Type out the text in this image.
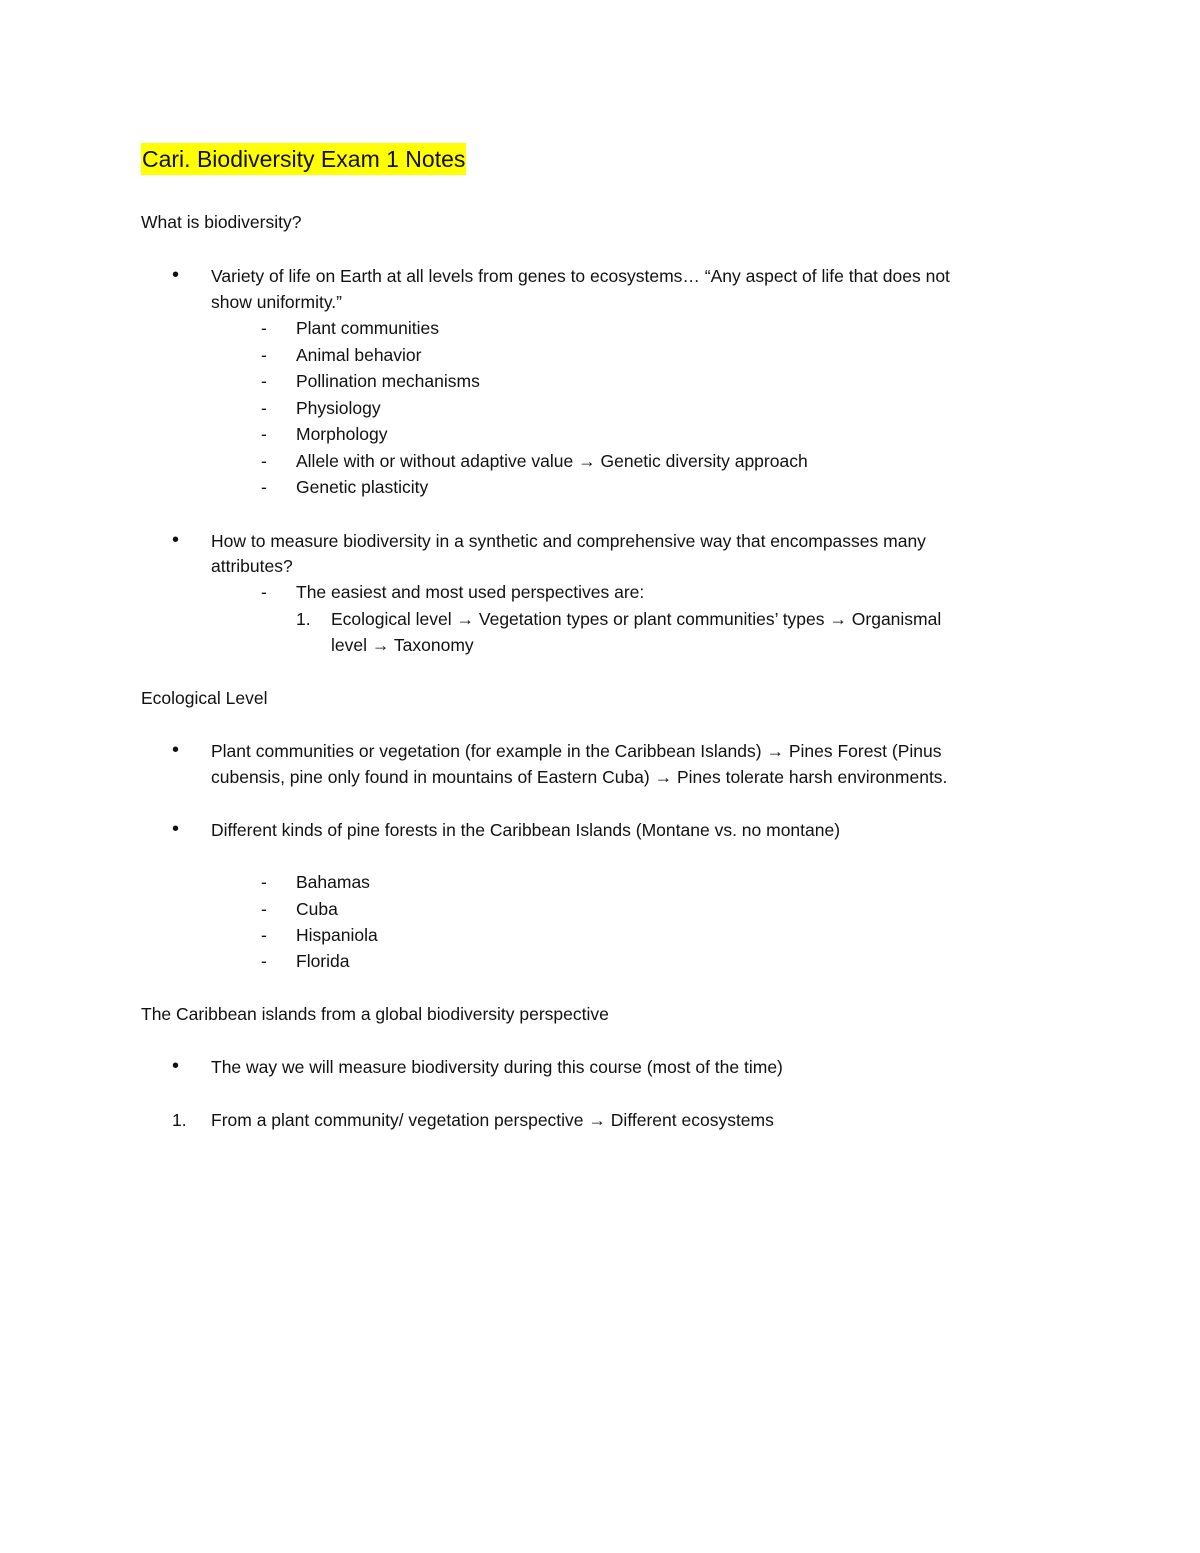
Cari. Biodiversity Exam 1 Notes
What is biodiversity?
• Variety of life on Earth at all levels from genes to ecosystems… “Any aspect of life that does not
show uniformity.”
- Plant communities
- Animal behavior
- Pollination mechanisms
- Physiology
- Morphology
- Allele with or without adaptive value → Genetic diversity approach
- Genetic plasticity
• How to measure biodiversity in a synthetic and comprehensive way that encompasses many
attributes?
- The easiest and most used perspectives are:
1. Ecological level → Vegetation types or plant communities’ types → Organismal
level → Taxonomy
Ecological Level
• Plant communities or vegetation (for example in the Caribbean Islands) → Pines Forest (Pinus
cubensis, pine only found in mountains of Eastern Cuba) → Pines tolerate harsh environments.
• Different kinds of pine forests in the Caribbean Islands (Montane vs. no montane)
- Bahamas
- Cuba
- Hispaniola
- Florida
The Caribbean islands from a global biodiversity perspective
• The way we will measure biodiversity during this course (most of the time)
1. From a plant community/ vegetation perspective → Different ecosystems
